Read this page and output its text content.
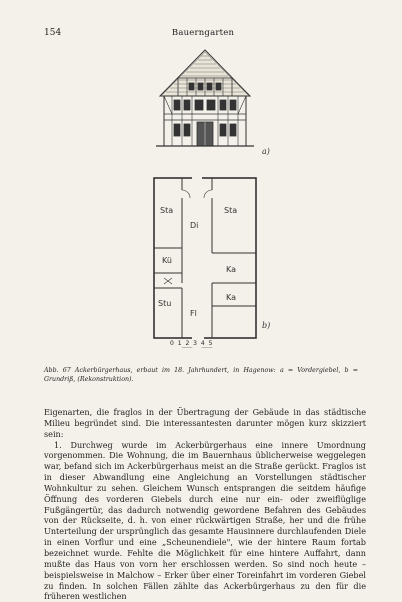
154	Bauerngarten
a)
Sta
Di
Sta
Kü
Ka
Fl
Stu
Ka
b)
0 1 2 3 4 5
Abb. 67 Ackerbürgerhaus, erbaut im 18. Jahrhundert, in Hagenow: a = Vordergiebel, b = Grundriß, (Rekonstruktion).

Eigenarten, die fraglos in der Übertragung der Gebäude in das städtische Milieu begründet sind. Die interessantesten darunter mögen kurz skizziert sein:

1. Durchweg wurde im Ackerbürgerhaus eine innere Umordnung vorgenommen. Die Wohnung, die im Bauernhaus üblicherweise weggelegen war, befand sich im Ackerbürgerhaus meist an die Straße gerückt. Fraglos ist in dieser Abwandlung eine Angleichung an Vorstellungen städtischer Wohnkultur zu sehen. Gleichem Wunsch entsprangen die seitdem häufige Öffnung des vorderen Giebels durch eine nur ein- oder zweiflüglige Fußgängertür, das dadurch notwendig gewordene Befahren des Gebäudes von der Rückseite, d. h. von einer rückwärtigen Straße, her und die frühe Unterteilung der ursprünglich das gesamte Hausinnere durchlaufenden Diele in einen Vorflur und eine „Scheunendiele", wie der hintere Raum fortab bezeichnet wurde. Fehlte die Möglichkeit für eine hintere Auffahrt, dann mußte das Haus von vorn her erschlossen werden. So sind noch heute – beispielsweise in Malchow – Erker über einer Toreinfahrt im vorderen Giebel zu finden. In solchen Fällen zählte das Ackerbürgerhaus zu den für die früheren westlichen
